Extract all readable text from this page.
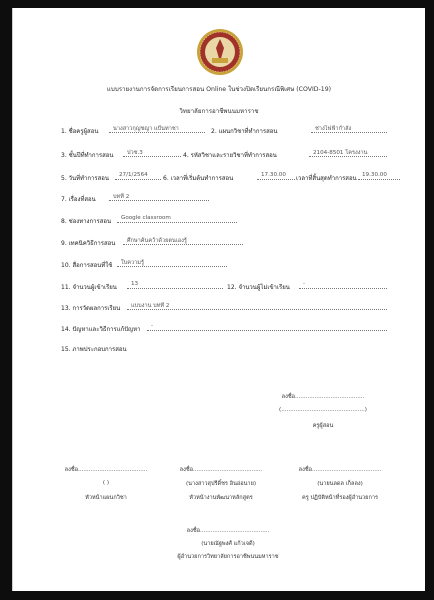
แบบรายงานการจัดการเรียนการสอน Online ในช่วงปิดเรียนกรณีพิเศษ (COVID-19)
วิทยาลัยการอาชีพนนมหาราช
1. ชื่อครูผู้สอน	นางสาวกุญชญา แป้นทาชา	2. แผนกวิชาที่ทำการสอน	ช่างไฟฟ้ากำลัง
3. ชั้นปีที่ทำการสอน	ปวช.3	4. รหัสวิชาและรายวิชาที่ทำการสอน	2104-8501 โครงงาน
5. วันที่ทำการสอน	27/1/2564	6. เวลาที่เริ่มต้นทำการสอน	17.30.00	เวลาที่สิ้นสุดทำการสอน 19.30.00
7. เรื่องที่สอน	บทที่ 2
8. ช่องทางการสอน	Google classroom
9. เทคนิควิธีการสอน	ศึกษาค้นคว้าด้วยตนเองรู้
10. สื่อการสอนที่ใช้	ใบความรู้
11. จำนวนผู้เข้าเรียน	13	12. จำนวนผู้ไม่เข้าเรียน	-
13. การวัดผลการเรียน	แบบงาน บทที่ 2
14. ปัญหาและวิธีการแก้ปัญหา	-
15. ภาพประกอบการสอน
ลงชื่อ.......................................
(...............................................)
ครูผู้สอน
ลงชื่อ.......................................
( )
หัวหน้าแผนกวิชา
ลงชื่อ.......................................
(นางสาวสุปรีดิ์ชร อินอ่อนาย)
หัวหน้างานพัฒนาหลักสูตร
ลงชื่อ.......................................
(นายนลดล เก็ลลง)
ครู ปฏิบัติหน้าที่รองผู้อำนวยการ
ลงชื่อ.......................................
(นายณัฐพงศ์ แก้วเจดี)
ผู้อำนวยการวิทยาลัยการอาชีพนนมหาราช
